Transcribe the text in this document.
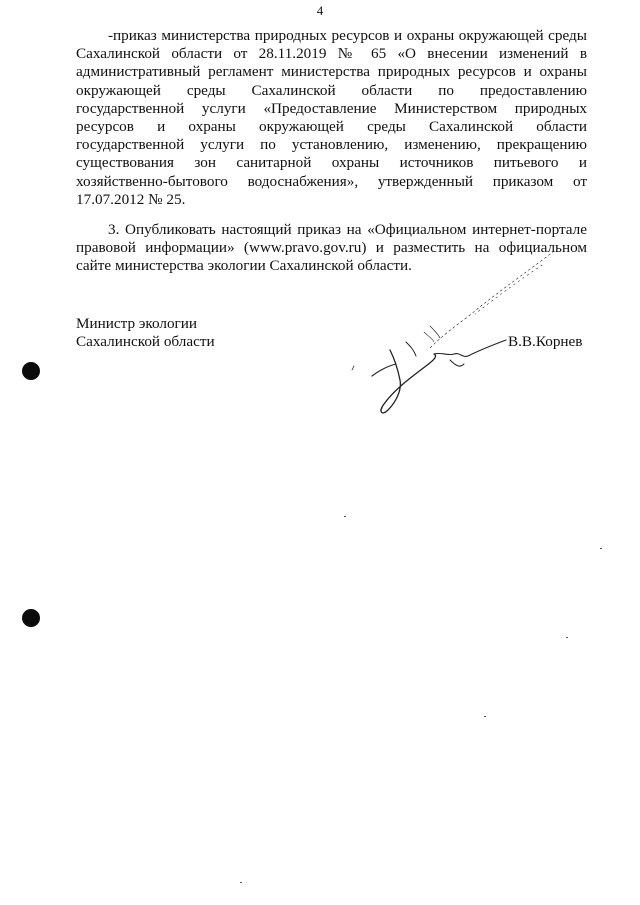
4
-приказ министерства природных ресурсов и охраны окружающей среды
Сахалинской области от 28.11.2019 № 65 «О внесении изменений в
административный регламент министерства природных ресурсов и охраны
окружающей среды Сахалинской области по предоставлению
государственной услуги «Предоставление Министерством природных
ресурсов и охраны окружающей среды Сахалинской области
государственной услуги по установлению, изменению, прекращению
существования зон санитарной охраны источников питьевого и
хозяйственно-бытового водоснабжения», утвержденный приказом от
17.07.2012 № 25.
3. Опубликовать настоящий приказ на «Официальном интернет-портале
правовой информации» (www.pravo.gov.ru) и разместить на официальном
сайте министерства экологии Сахалинской области.
Министр экологии
Сахалинской области	В.В.Корнев
